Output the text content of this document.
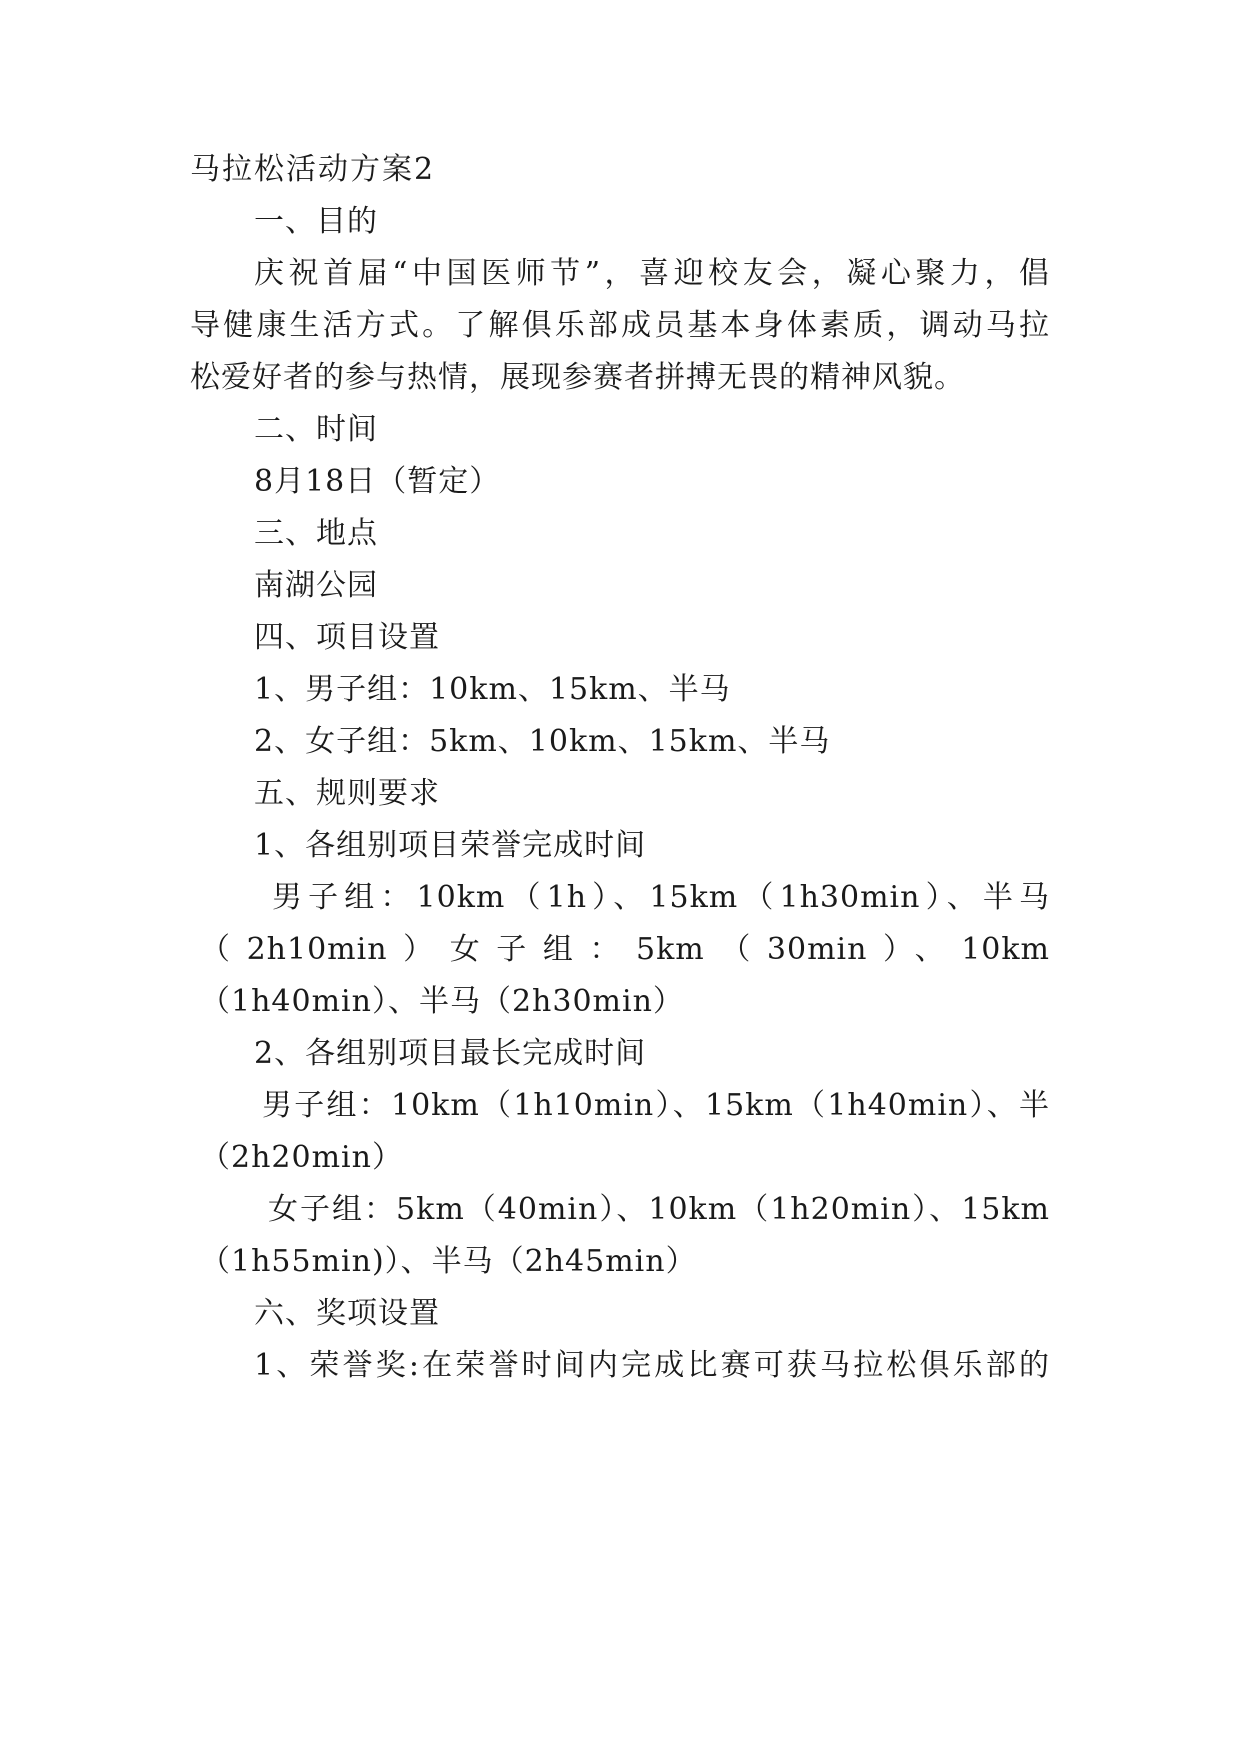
马拉松活动方案2
一、目的
庆祝首届“中国医师节”，喜迎校友会，凝心聚力，倡
导健康生活方式。了解俱乐部成员基本身体素质，调动马拉
松爱好者的参与热情，展现参赛者拼搏无畏的精神风貌。
二、时间
8月18日（暂定）
三、地点
南湖公园
四、项目设置
1、男子组：10km、15km、半马
2、女子组：5km、10km、15km、半马
五、规则要求
1、各组别项目荣誉完成时间
男子组：10km（1h）、15km（1h30min）、半马
（2h10min）女子组：5km（30min）、10km
（1h40min）、半马（2h30min）
2、各组别项目最长完成时间
男子组：10km（1h10min）、15km（1h40min）、半
（2h20min）
女子组：5km（40min）、10km（1h20min）、15km
（1h55min)）、半马（2h45min）
六、奖项设置
1、荣誉奖:在荣誉时间内完成比赛可获马拉松俱乐部的
